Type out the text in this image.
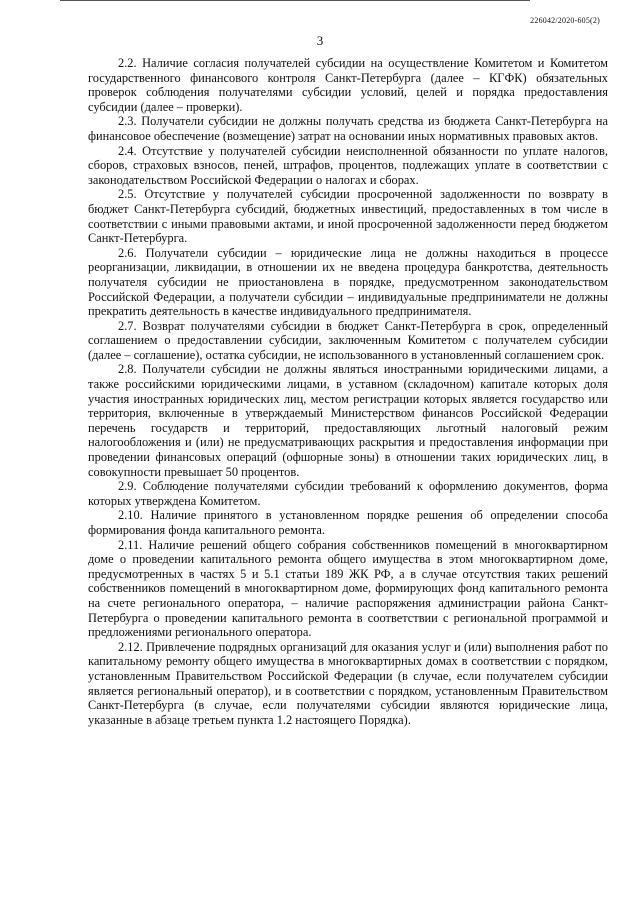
226042/2020-605(2)
3

2.2. Наличие согласия получателей субсидии на осуществление Комитетом и Комитетом государственного финансового контроля Санкт-Петербурга (далее – КГФК) обязательных проверок соблюдения получателями субсидии условий, целей и порядка предоставления субсидии (далее – проверки).

2.3. Получатели субсидии не должны получать средства из бюджета Санкт-Петербурга на финансовое обеспечение (возмещение) затрат на основании иных нормативных правовых актов.

2.4. Отсутствие у получателей субсидии неисполненной обязанности по уплате налогов, сборов, страховых взносов, пеней, штрафов, процентов, подлежащих уплате в соответствии с законодательством Российской Федерации о налогах и сборах.

2.5. Отсутствие у получателей субсидии просроченной задолженности по возврату в бюджет Санкт-Петербурга субсидий, бюджетных инвестиций, предоставленных в том числе в соответствии с иными правовыми актами, и иной просроченной задолженности перед бюджетом Санкт-Петербурга.

2.6. Получатели субсидии – юридические лица не должны находиться в процессе реорганизации, ликвидации, в отношении их не введена процедура банкротства, деятельность получателя субсидии не приостановлена в порядке, предусмотренном законодательством Российской Федерации, а получатели субсидии – индивидуальные предприниматели не должны прекратить деятельность в качестве индивидуального предпринимателя.

2.7. Возврат получателями субсидии в бюджет Санкт-Петербурга в срок, определенный соглашением о предоставлении субсидии, заключенным Комитетом с получателем субсидии (далее – соглашение), остатка субсидии, не использованного в установленный соглашением срок.

2.8. Получатели субсидии не должны являться иностранными юридическими лицами, а также российскими юридическими лицами, в уставном (складочном) капитале которых доля участия иностранных юридических лиц, местом регистрации которых является государство или территория, включенные в утверждаемый Министерством финансов Российской Федерации перечень государств и территорий, предоставляющих льготный налоговый режим налогообложения и (или) не предусматривающих раскрытия и предоставления информации при проведении финансовых операций (офшорные зоны) в отношении таких юридических лиц, в совокупности превышает 50 процентов.

2.9. Соблюдение получателями субсидии требований к оформлению документов, форма которых утверждена Комитетом.

2.10. Наличие принятого в установленном порядке решения об определении способа формирования фонда капитального ремонта.

2.11. Наличие решений общего собрания собственников помещений в многоквартирном доме о проведении капитального ремонта общего имущества в этом многоквартирном доме, предусмотренных в частях 5 и 5.1 статьи 189 ЖК РФ, а в случае отсутствия таких решений собственников помещений в многоквартирном доме, формирующих фонд капитального ремонта на счете регионального оператора, – наличие распоряжения администрации района Санкт-Петербурга о проведении капитального ремонта в соответствии с региональной программой и предложениями регионального оператора.

2.12. Привлечение подрядных организаций для оказания услуг и (или) выполнения работ по капитальному ремонту общего имущества в многоквартирных домах в соответствии с порядком, установленным Правительством Российской Федерации (в случае, если получателем субсидии является региональный оператор), и в соответствии с порядком, установленным Правительством Санкт-Петербурга (в случае, если получателями субсидии являются юридические лица, указанные в абзаце третьем пункта 1.2 настоящего Порядка).
